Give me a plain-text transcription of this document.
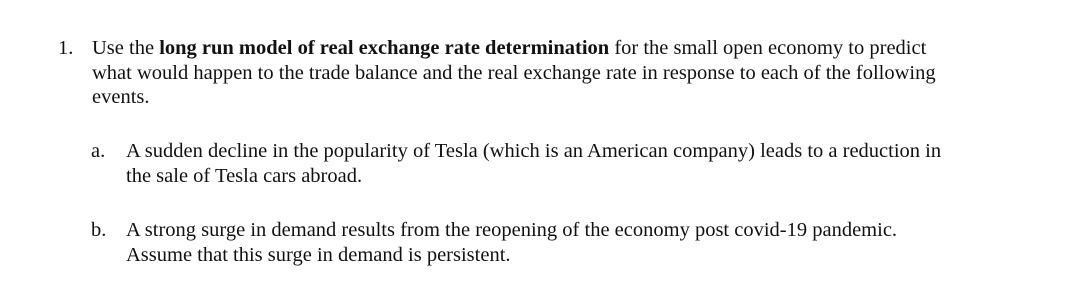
1. Use the long run model of real exchange rate determination for the small open economy to predict what would happen to the trade balance and the real exchange rate in response to each of the following events.
a. A sudden decline in the popularity of Tesla (which is an American company) leads to a reduction in the sale of Tesla cars abroad.
b. A strong surge in demand results from the reopening of the economy post covid-19 pandemic. Assume that this surge in demand is persistent.
